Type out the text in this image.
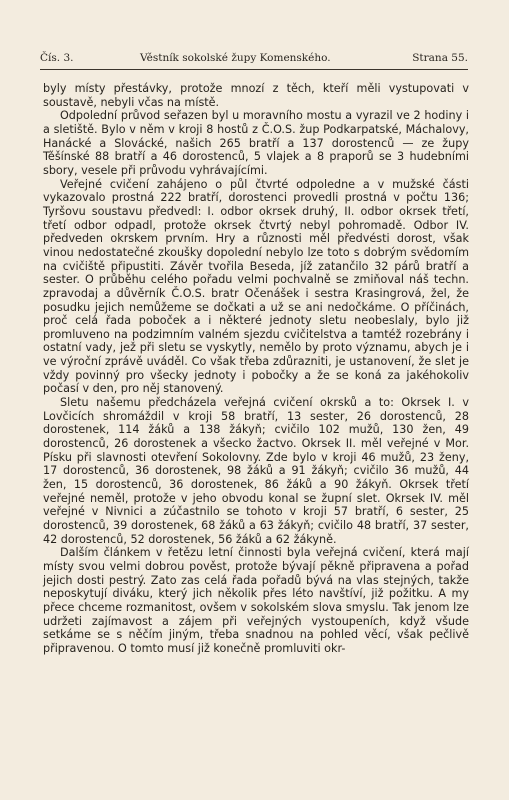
Čís. 3.	Věstník sokolské župy Komenského.	Strana 55.

byly místy přestávky, protože mnozí z těch, kteří měli vystupovati v soustavě, nebyli včas na místě.

Odpolední průvod seřazen byl u moravního mostu a vyrazil ve 2 hodiny i a sletiště. Bylo v něm v kroji 8 hostů z Č.O.S. žup Podkarpatské, Máchalovy, Hanácké a Slovácké, našich 265 bratří a 137 dorostenců — ze župy Těšínské 88 bratří a 46 dorostenců, 5 vlajek a 8 praporů se 3 hudebními sbory, vesele při průvodu vyhrávajícími.

Veřejné cvičení zahájeno o půl čtvrté odpoledne a v mužské části vykazovalo prostná 222 bratří, dorostenci provedli prostná v počtu 136; Tyršovu soustavu předvedl: I. odbor okrsek druhý, II. odbor okrsek třetí, třetí odbor odpadl, protože okrsek čtvrtý nebyl pohromadě. Odbor IV. předveden okrskem prvním. Hry a různosti měl předvésti dorost, však vinou nedostatečné zkoušky dopolední nebylo lze toto s dobrým svědomím na cvičiště připustiti. Závěr tvořila Beseda, jíž zatančilo 32 párů bratří a sester. O průběhu celého pořadu velmi pochvalně se zmiňoval náš techn. zpravodaj a důvěrník Č.O.S. bratr Očenášek i sestra Krasingrová, žel, že posudku jejich nemůžeme se dočkati a už se ani nedočkáme. O příčinách, proč celá řada poboček a i některé jednoty sletu neobeslaly, bylo již promluveno na podzimním valném sjezdu cvičitelstva a tamtéž rozebrány i ostatní vady, jež při sletu se vyskytly, nemělo by proto významu, abych je i ve výroční zprávě uváděl. Co však třeba zdůrazniti, je ustanovení, že slet je vždy povinný pro všecky jednoty i pobočky a že se koná za jakéhokoliv počasí v den, pro něj stanovený.

Sletu našemu předcházela veřejná cvičení okrsků a to: Okrsek I. v Lovčicích shromáždil v kroji 58 bratří, 13 sester, 26 dorostenců, 28 dorostenek, 114 žáků a 138 žákyň; cvičilo 102 mužů, 130 žen, 49 dorostenců, 26 dorostenek a všecko žactvo. Okrsek II. měl veřejné v Mor. Písku při slavnosti otevření Sokolovny. Zde bylo v kroji 46 mužů, 23 ženy, 17 dorostenců, 36 dorostenek, 98 žáků a 91 žákyň; cvičilo 36 mužů, 44 žen, 15 dorostenců, 36 dorostenek, 86 žáků a 90 žákyň. Okrsek třetí veřejné neměl, protože v jeho obvodu konal se župní slet. Okrsek IV. měl veřejné v Nivnici a zúčastnilo se tohoto v kroji 57 bratří, 6 sester, 25 dorostenců, 39 dorostenek, 68 žáků a 63 žákyň; cvičilo 48 bratří, 37 sester, 42 dorostenců, 52 dorostenek, 56 žáků a 62 žákyně.

Dalším článkem v řetězu letní činnosti byla veřejná cvičení, která mají místy svou velmi dobrou pověst, protože bývají pěkně připravena a pořad jejich dosti pestrý. Zato zas celá řada pořadů bývá na vlas stejných, takže neposkytují diváku, který jich několik přes léto navštíví, již požitku. A my přece chceme rozmanitost, ovšem v sokolském slova smyslu. Tak jenom lze udržeti zajímavost a zájem při veřejných vystoupeních, když všude setkáme se s něčím jiným, třeba snadnou na pohled věcí, však pečlivě připravenou. O tomto musí již konečně promluviti okr-
